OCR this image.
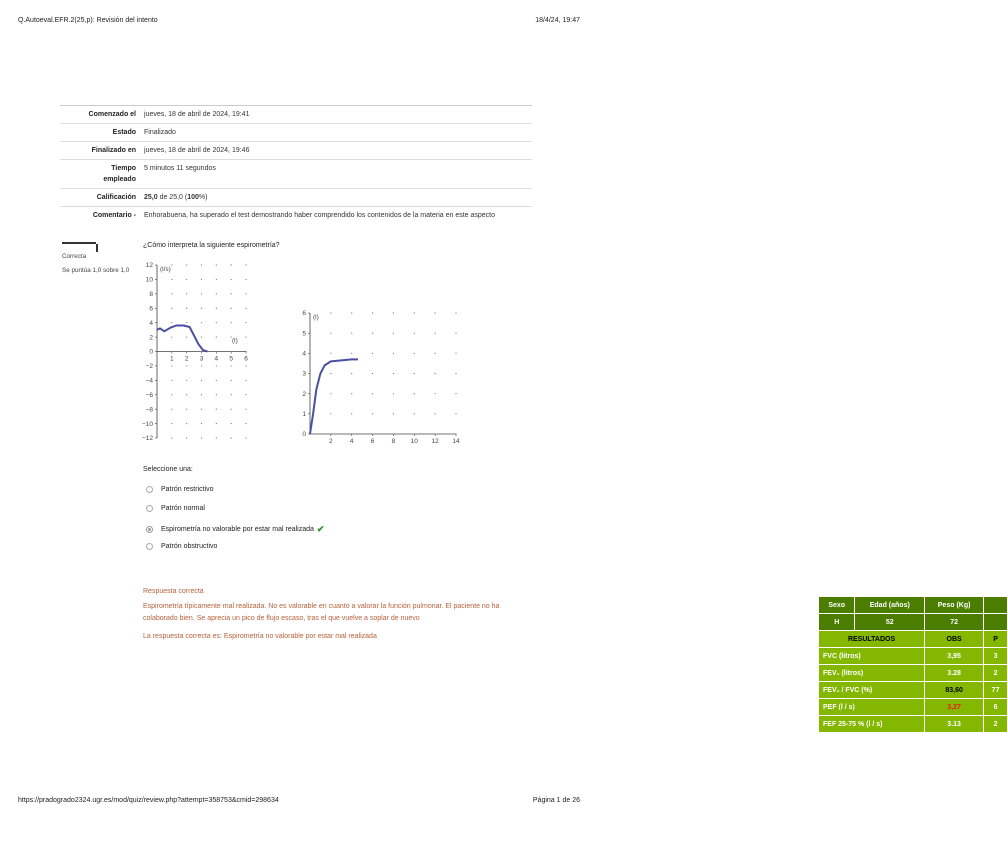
Q.Autoeval.EFR.2(25,p): Revisión del intento	18/4/24, 19:47
Comenzado el	jueves, 18 de abril de 2024, 19:41
Estado	Finalizado
Finalizado en	jueves, 18 de abril de 2024, 19:46
Tiempo
empleado	5 minutos 11 segundos
Calificación	25,0 de 25,0 (100%)
Comentario -	Enhorabuena, ha superado el test demostrando haber comprendido los contenidos de la materia en este aspecto
Correcta
Se puntúa 1,0 sobre 1,0
¿Cómo interpreta la siguiente espirometría?
12
10
8
6
4
2
0
−2
−4
−6
−8
−10
−12
1 2 3 4 5 6
(l/s)
(l)
6
5
4
3
2
1
0
2	4	6	8 10 12 14
(l)
Sexo	Edad (años)	Peso (Kg)	
H	52	72	
RESULTADOS		OBS	P
FVC (litros)		3,95	3
FEV₁ (litros)		3.28	2
FEV₁ / FVC (%)		83,60	77
PEF (l / s)		3,27	6
FEF 25-75 % (l / s)		3.13	2
Seleccione una:
Patrón restrictivo
Patrón normal
Espirometría no valorable por estar mal realizada ✔
Patrón obstructivo
Respuesta correcta
Espirometría típicamente mal realizada. No es valorable en cuanto a valorar la función pulmonar. El paciente no ha colaborado bien. Se aprecia un pico de flujo escaso, tras el que vuelve a soplar de nuevo
La respuesta correcta es: Espirometría no valorable por estar mal realizada
https://pradogrado2324.ugr.es/mod/quiz/review.php?attempt=358753&cmid=298634	Página 1 de 26
